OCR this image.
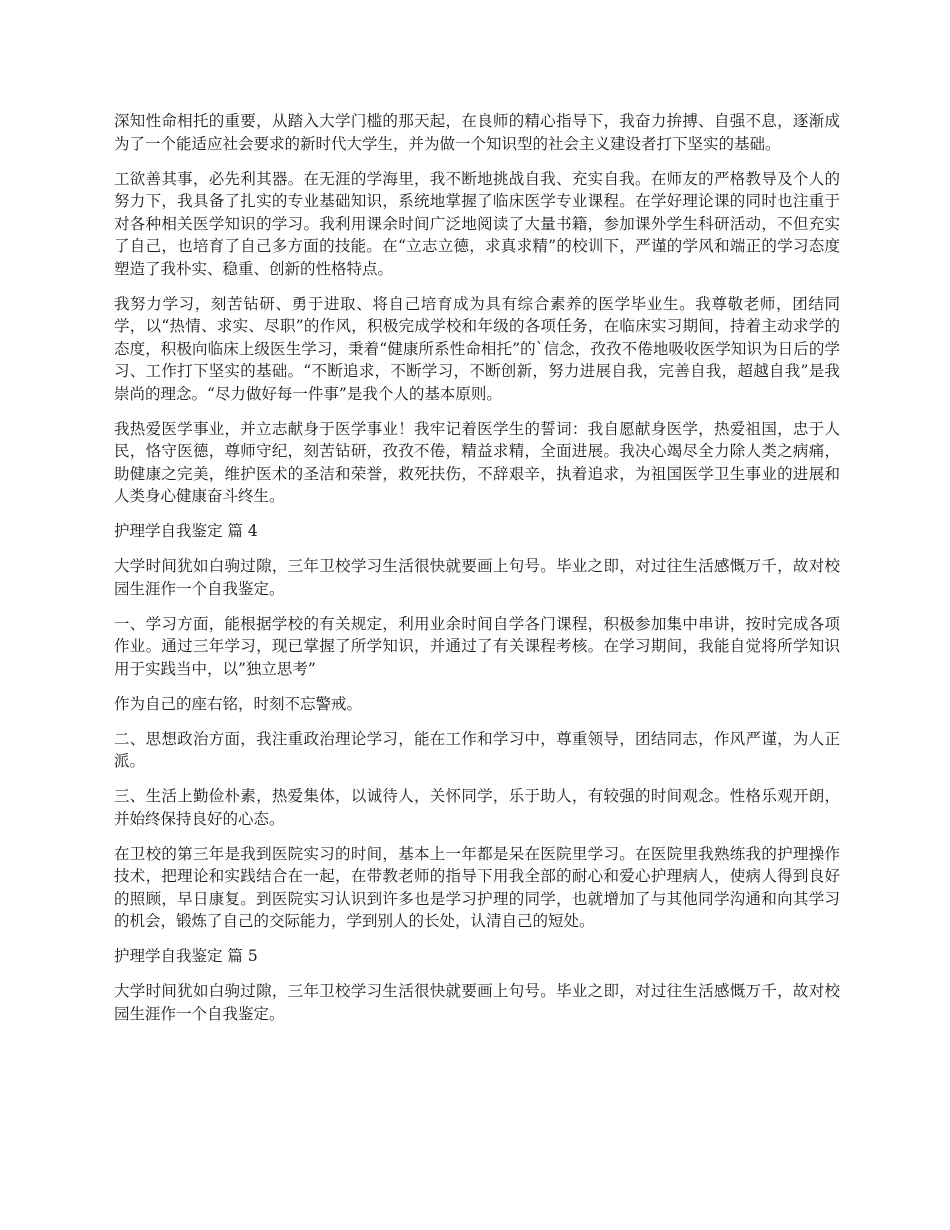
深知性命相托的重要，从踏入大学门槛的那天起，在良师的精心指导下，我奋力拚搏、自强不息，逐渐成为了一个能适应社会要求的新时代大学生，并为做一个知识型的社会主义建设者打下坚实的基础。

工欲善其事，必先利其器。在无涯的学海里，我不断地挑战自我、充实自我。在师友的严格教导及个人的努力下，我具备了扎实的专业基础知识，系统地掌握了临床医学专业课程。在学好理论课的同时也注重于对各种相关医学知识的学习。我利用课余时间广泛地阅读了大量书籍，参加课外学生科研活动，不但充实了自己，也培育了自己多方面的技能。在“立志立德，求真求精”的校训下，严谨的学风和端正的学习态度塑造了我朴实、稳重、创新的性格特点。

我努力学习，刻苦钻研、勇于进取、将自己培育成为具有综合素养的医学毕业生。我尊敬老师，团结同学，以“热情、求实、尽职”的作风，积极完成学校和年级的各项任务，在临床实习期间，持着主动求学的态度，积极向临床上级医生学习，秉着“健康所系性命相托”的`信念，孜孜不倦地吸收医学知识为日后的学习、工作打下坚实的基础。“不断追求，不断学习，不断创新，努力进展自我，完善自我，超越自我”是我崇尚的理念。“尽力做好每一件事”是我个人的基本原则。

我热爱医学事业，并立志献身于医学事业！我牢记着医学生的誓词：我自愿献身医学，热爱祖国，忠于人民，恪守医德，尊师守纪，刻苦钻研，孜孜不倦，精益求精，全面进展。我决心竭尽全力除人类之病痛，助健康之完美，维护医术的圣洁和荣誉，救死扶伤，不辞艰辛，执着追求，为祖国医学卫生事业的进展和人类身心健康奋斗终生。

护理学自我鉴定 篇 4

大学时间犹如白驹过隙，三年卫校学习生活很快就要画上句号。毕业之即，对过往生活感慨万千，故对校园生涯作一个自我鉴定。

一、学习方面，能根据学校的有关规定，利用业余时间自学各门课程，积极参加集中串讲，按时完成各项作业。通过三年学习，现已掌握了所学知识，并通过了有关课程考核。在学习期间，我能自觉将所学知识用于实践当中，以”独立思考”

作为自己的座右铭，时刻不忘警戒。

二、思想政治方面，我注重政治理论学习，能在工作和学习中，尊重领导，团结同志，作风严谨，为人正派。

三、生活上勤俭朴素，热爱集体，以诚待人，关怀同学，乐于助人，有较强的时间观念。性格乐观开朗， 并始终保持良好的心态。

在卫校的第三年是我到医院实习的时间，基本上一年都是呆在医院里学习。在医院里我熟练我的护理操作技术，把理论和实践结合在一起，在带教老师的指导下用我全部的耐心和爱心护理病人，使病人得到良好的照顾，早日康复。到医院实习认识到许多也是学习护理的同学，也就增加了与其他同学沟通和向其学习的机会，锻炼了自己的交际能力，学到别人的长处，认清自己的短处。

护理学自我鉴定 篇 5

大学时间犹如白驹过隙，三年卫校学习生活很快就要画上句号。毕业之即，对过往生活感慨万千，故对校园生涯作一个自我鉴定。
